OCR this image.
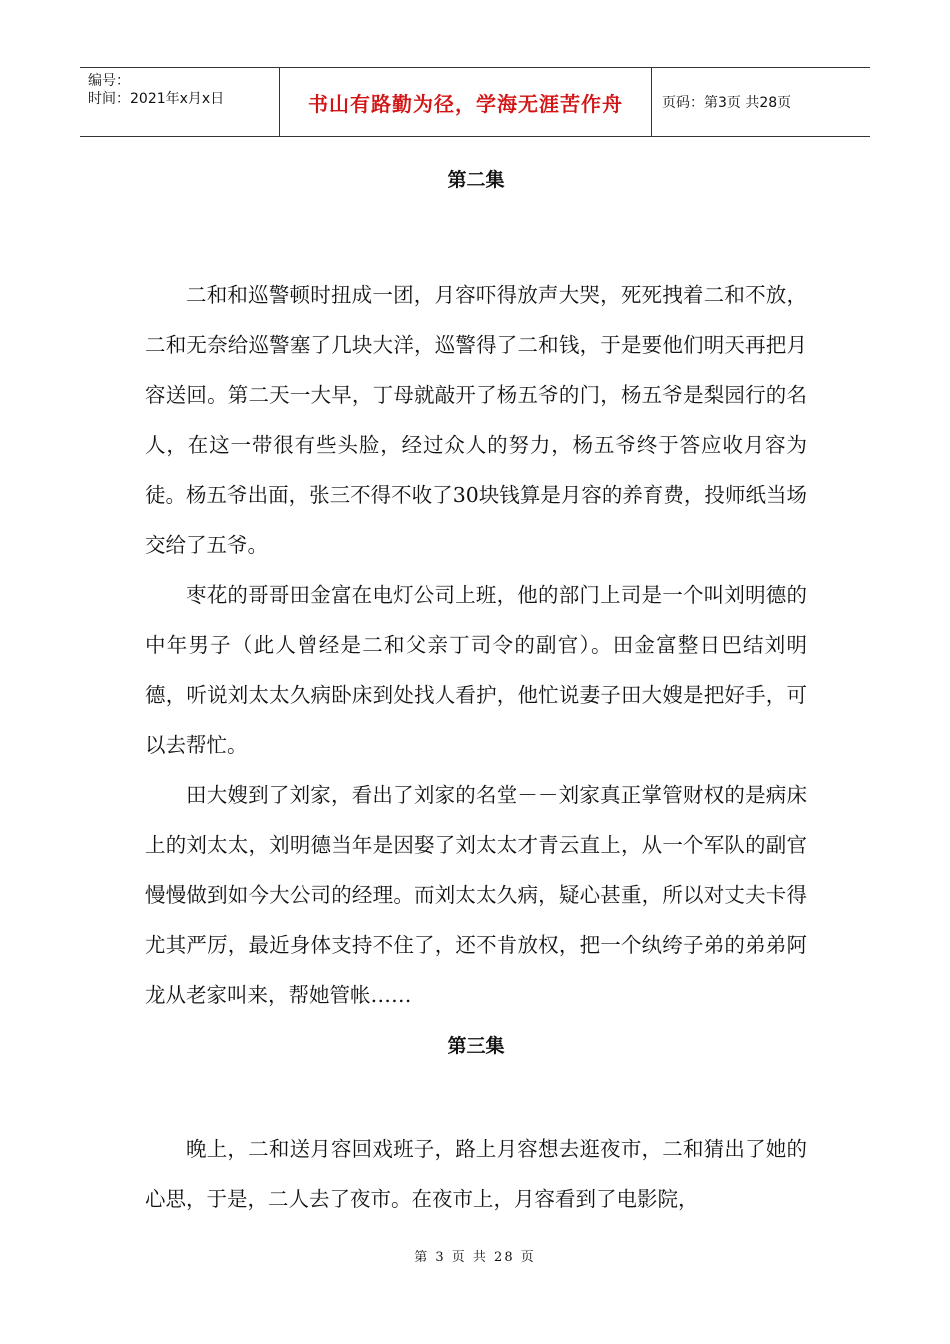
编号：
时间：2021年x月x日	书山有路勤为径，学海无涯苦作舟	页码：第3页 共28页
第二集

二和和巡警顿时扭成一团，月容吓得放声大哭，死死拽着二和不放，二和无奈给巡警塞了几块大洋，巡警得了二和钱，于是要他们明天再把月容送回。第二天一大早，丁母就敲开了杨五爷的门，杨五爷是梨园行的名人，在这一带很有些头脸，经过众人的努力，杨五爷终于答应收月容为徒。杨五爷出面，张三不得不收了30块钱算是月容的养育费，投师纸当场交给了五爷。

枣花的哥哥田金富在电灯公司上班，他的部门上司是一个叫刘明德的中年男子（此人曾经是二和父亲丁司令的副官）。田金富整日巴结刘明德，听说刘太太久病卧床到处找人看护，他忙说妻子田大嫂是把好手，可以去帮忙。

田大嫂到了刘家，看出了刘家的名堂－－刘家真正掌管财权的是病床上的刘太太，刘明德当年是因娶了刘太太才青云直上，从一个军队的副官慢慢做到如今大公司的经理。而刘太太久病，疑心甚重，所以对丈夫卡得尤其严厉，最近身体支持不住了，还不肯放权，把一个纨绔子弟的弟弟阿龙从老家叫来，帮她管帐……

第三集

晚上，二和送月容回戏班子，路上月容想去逛夜市，二和猜出了她的心思，于是，二人去了夜市。在夜市上，月容看到了电影院，

第 3 页 共 28 页
